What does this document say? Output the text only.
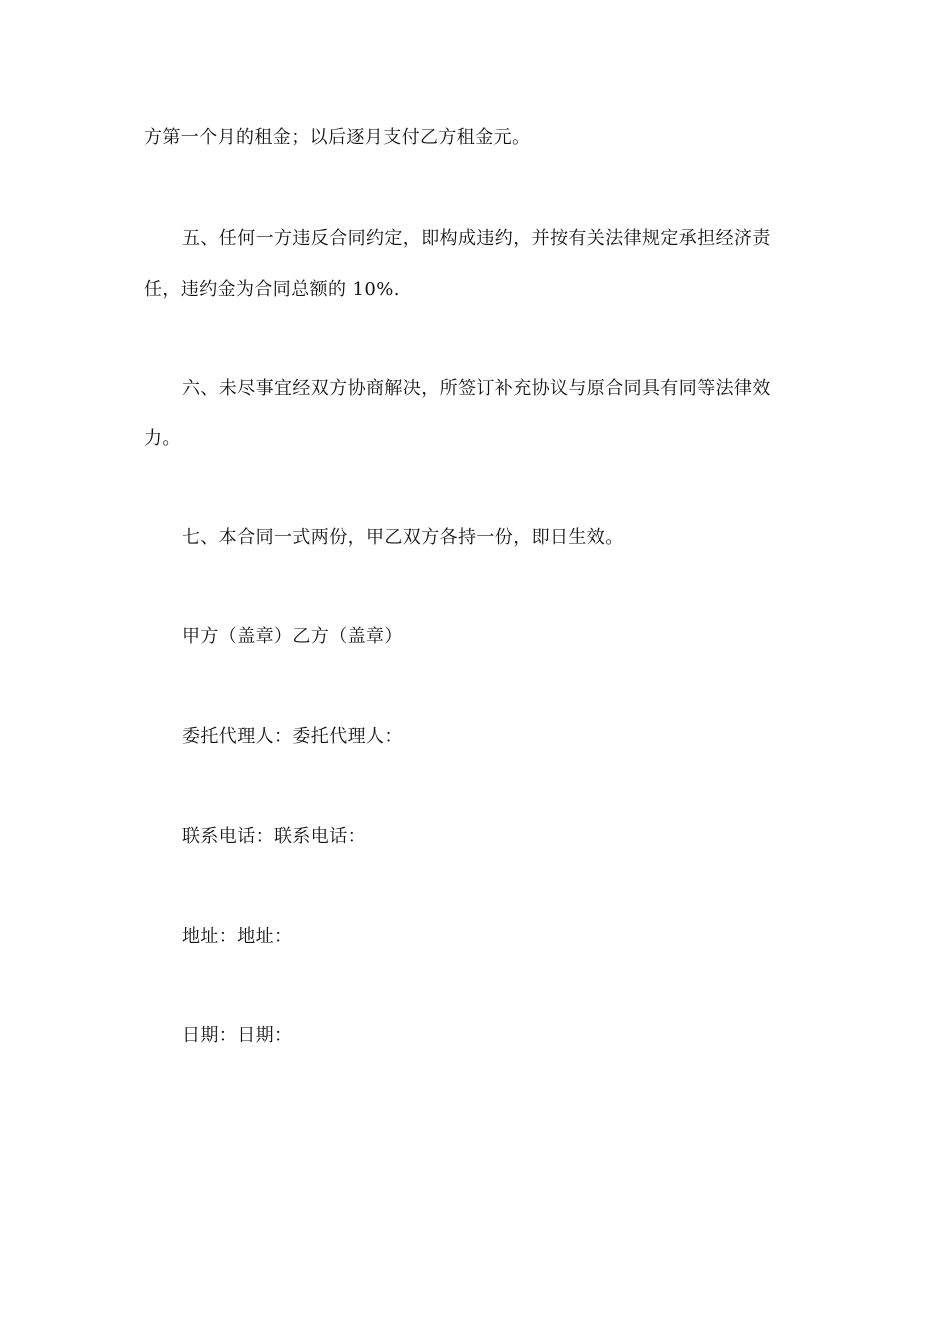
方第一个月的租金；以后逐月支付乙方租金元。
五、任何一方违反合同约定，即构成违约，并按有关法律规定承担经济责
任，违约金为合同总额的 10%.
六、未尽事宜经双方协商解决，所签订补充协议与原合同具有同等法律效
力。
七、本合同一式两份，甲乙双方各持一份，即日生效。
甲方（盖章）乙方（盖章）
委托代理人：委托代理人：
联系电话：联系电话：
地址：地址：
日期：日期：
